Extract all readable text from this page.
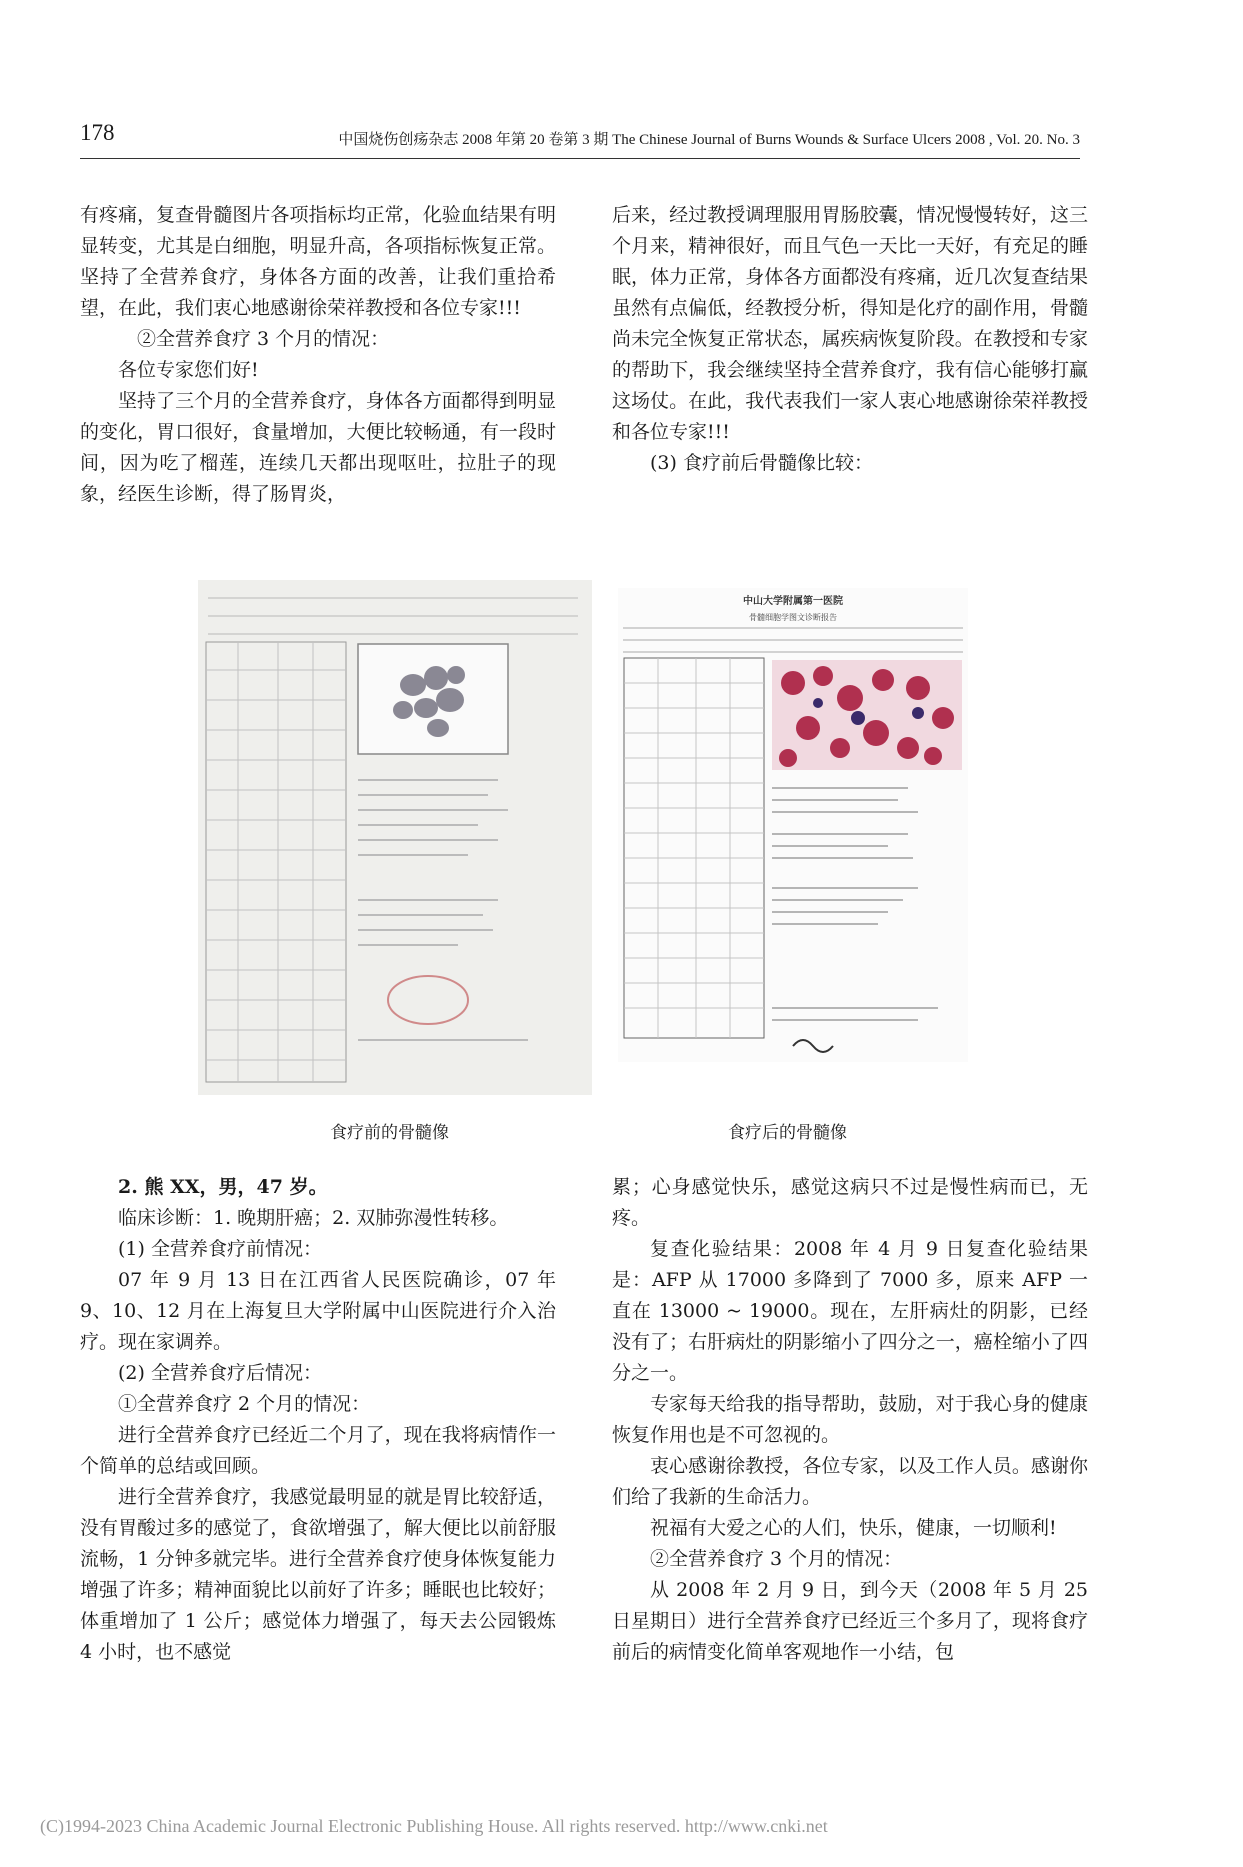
178	中国烧伤创疡杂志 2008 年第 20 卷第 3 期 The Chinese Journal of Burns Wounds & Surface Ulcers 2008 , Vol. 20. No. 3

有疼痛，复查骨髓图片各项指标均正常，化验血结果有明显转变，尤其是白细胞，明显升高，各项指标恢复正常。坚持了全营养食疗，身体各方面的改善，让我们重拾希望，在此，我们衷心地感谢徐荣祥教授和各位专家!!!

②全营养食疗 3 个月的情况：

各位专家您们好!

坚持了三个月的全营养食疗，身体各方面都得到明显的变化，胃口很好，食量增加，大便比较畅通，有一段时间，因为吃了榴莲，连续几天都出现呕吐，拉肚子的现象，经医生诊断，得了肠胃炎，

后来，经过教授调理服用胃肠胶囊，情况慢慢转好，这三个月来，精神很好，而且气色一天比一天好，有充足的睡眠，体力正常，身体各方面都没有疼痛，近几次复查结果虽然有点偏低，经教授分析，得知是化疗的副作用，骨髓尚未完全恢复正常状态，属疾病恢复阶段。在教授和专家的帮助下，我会继续坚持全营养食疗，我有信心能够打赢这场仗。在此，我代表我们一家人衷心地感谢徐荣祥教授和各位专家!!!

(3) 食疗前后骨髓像比较：

中山大学附属第一医院
骨髓细胞学图文诊断报告
食疗前的骨髓像	食疗后的骨髓像

2. 熊 XX，男，47 岁。

临床诊断：1. 晚期肝癌；2. 双肺弥漫性转移。

(1) 全营养食疗前情况：

07 年 9 月 13 日在江西省人民医院确诊，07 年 9、10、12 月在上海复旦大学附属中山医院进行介入治疗。现在家调养。

(2) 全营养食疗后情况：

①全营养食疗 2 个月的情况：

进行全营养食疗已经近二个月了，现在我将病情作一个简单的总结或回顾。

进行全营养食疗，我感觉最明显的就是胃比较舒适，没有胃酸过多的感觉了，食欲增强了，解大便比以前舒服流畅，1 分钟多就完毕。进行全营养食疗使身体恢复能力增强了许多；精神面貌比以前好了许多；睡眠也比较好；体重增加了 1 公斤；感觉体力增强了，每天去公园锻炼 4 小时，也不感觉

累；心身感觉快乐，感觉这病只不过是慢性病而已，无疼。

复查化验结果：2008 年 4 月 9 日复查化验结果是：AFP 从 17000 多降到了 7000 多，原来 AFP 一直在 13000 ~ 19000。现在，左肝病灶的阴影，已经没有了；右肝病灶的阴影缩小了四分之一，癌栓缩小了四分之一。

专家每天给我的指导帮助，鼓励，对于我心身的健康恢复作用也是不可忽视的。

衷心感谢徐教授，各位专家，以及工作人员。感谢你们给了我新的生命活力。

祝福有大爱之心的人们，快乐，健康，一切顺利!

②全营养食疗 3 个月的情况：

从 2008 年 2 月 9 日，到今天（2008 年 5 月 25 日星期日）进行全营养食疗已经近三个多月了，现将食疗前后的病情变化简单客观地作一小结，包

(C)1994-2023 China Academic Journal Electronic Publishing House. All rights reserved. http://www.cnki.net
